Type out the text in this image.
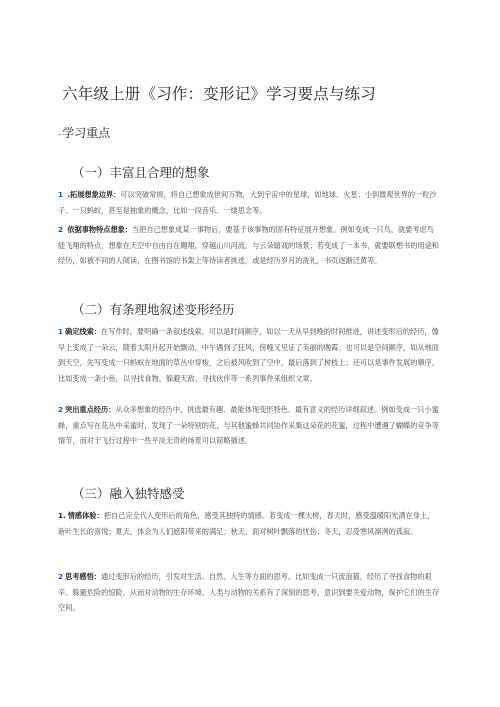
六年级上册《习作：变形记》学习要点与练习
-学习重点
（一）丰富且合理的想象
1 .拓展想象边界：可以突破常规，将自己想象成世间万物，大到宇宙中的星球，如地球、火星；小到微观世界的一粒沙子、一只蚂蚁，甚至是抽象的概念，比如一段音乐、一缕思念等。
2 依据事物特点想象：当把自己想象成某一事物后，要基于该事物的固有特征展开想象。例如变成一只鸟，就要考虑鸟能飞翔的特点，想象在天空中自由自在翱翔，穿越山川河流，与云朵嬉戏的场景；若变成了一本书，就要联想书的用途和经历，如被不同的人阅读，在图书馆的书架上等待读者挑选，或是经历岁月的洗礼，书页逐渐泛黄等。
（二）有条理地叙述变形经历
1 确定线索：在写作时，要明确一条叙述线索，可以是时间顺序，如以一天从早到晚的时间推进，讲述变形后的经历，像早上变成了一朵云，随着太阳升起开始飘动，中午遇到了狂风，傍晚又见证了美丽的晚霞；也可以是空间顺序，如从地面到天空，先写变成一只蚂蚁在地面的草丛中穿梭，之后被风吹到了空中，最后落到了树枝上；还可以是事件发展的顺序，比如变成一条小鱼，以寻找食物、躲避天敌、寻找伙伴等一系列事件来组织文章。
2 突出重点经历：从众多想象的经历中，挑选最有趣、最能体现变形特色、最有意义的经历详细叙述。例如变成一只小蜜蜂，重点写在花丛中采蜜时，发现了一朵特别的花，与其他蜜蜂共同协作采集这朵花的花蜜，过程中遭遇了蝴蝶的竞争等情节，而对于飞行过程中一些平淡无奇的场景可以简略描述。
（三）融入独特感受
1. 情感体验：把自己完全代入变形后的角色，感受其独特的情感。若变成一棵大树，春天时，感受温暖阳光洒在身上，新叶生长的喜悦；夏天，体会为人们遮阳带来的满足；秋天，面对树叶飘落的忧伤；冬天，忍受寒风凛冽的孤寂。
2 思考感悟：通过变形后的经历，引发对生活、自然、人生等方面的思考。比如变成一只流浪猫，经历了寻找食物的艰辛、躲避危险的惊险，从而对动物的生存环境、人类与动物的关系有了深刻的思考，意识到要关爱动物，保护它们的生存空间。
